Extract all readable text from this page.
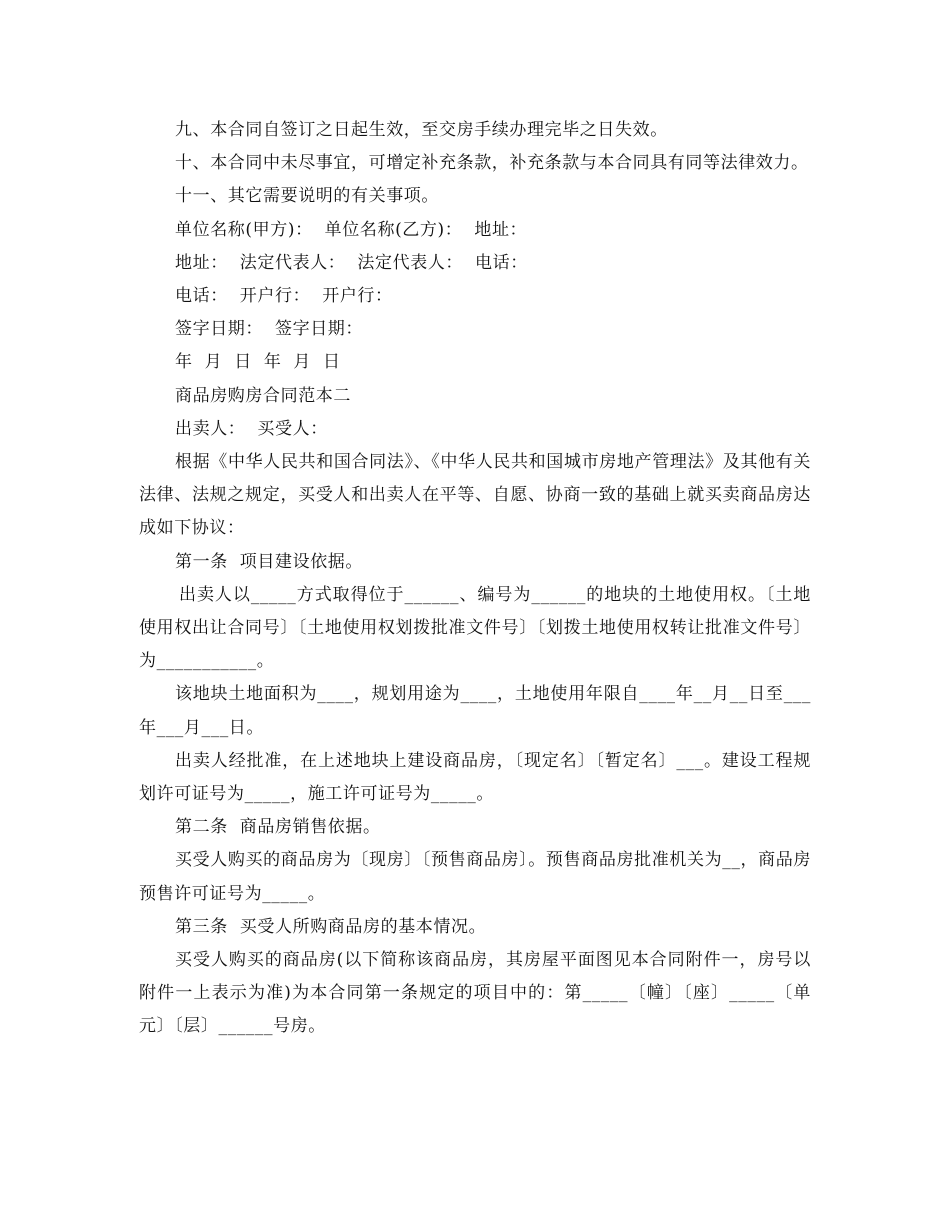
九、本合同自签订之日起生效，至交房手续办理完毕之日失效。

十、本合同中未尽事宜，可增定补充条款，补充条款与本合同具有同等法律效力。

十一、其它需要说明的有关事项。

单位名称(甲方)：  单位名称(乙方)：  地址：

地址：  法定代表人：  法定代表人：  电话：

电话：  开户行：  开户行：

签字日期：  签字日期：

年  月  日  年  月  日

商品房购房合同范本二

出卖人：  买受人：

根据《中华人民共和国合同法》、《中华人民共和国城市房地产管理法》及其他有关法律、法规之规定，买受人和出卖人在平等、自愿、协商一致的基础上就买卖商品房达成如下协议：

第一条  项目建设依据。

出卖人以_____方式取得位于______、编号为______的地块的土地使用权。〔土地使用权出让合同号〕〔土地使用权划拨批准文件号〕〔划拨土地使用权转让批准文件号〕为___________。

该地块土地面积为____，规划用途为____，土地使用年限自____年__月__日至___年___月___日。

出卖人经批准，在上述地块上建设商品房，〔现定名〕〔暂定名〕___。建设工程规划许可证号为_____，施工许可证号为_____。

第二条  商品房销售依据。

买受人购买的商品房为〔现房〕〔预售商品房〕。预售商品房批准机关为__，商品房预售许可证号为_____。

第三条  买受人所购商品房的基本情况。

买受人购买的商品房(以下简称该商品房，其房屋平面图见本合同附件一，房号以附件一上表示为准)为本合同第一条规定的项目中的：第_____〔幢〕〔座〕_____〔单元〕〔层〕______号房。
